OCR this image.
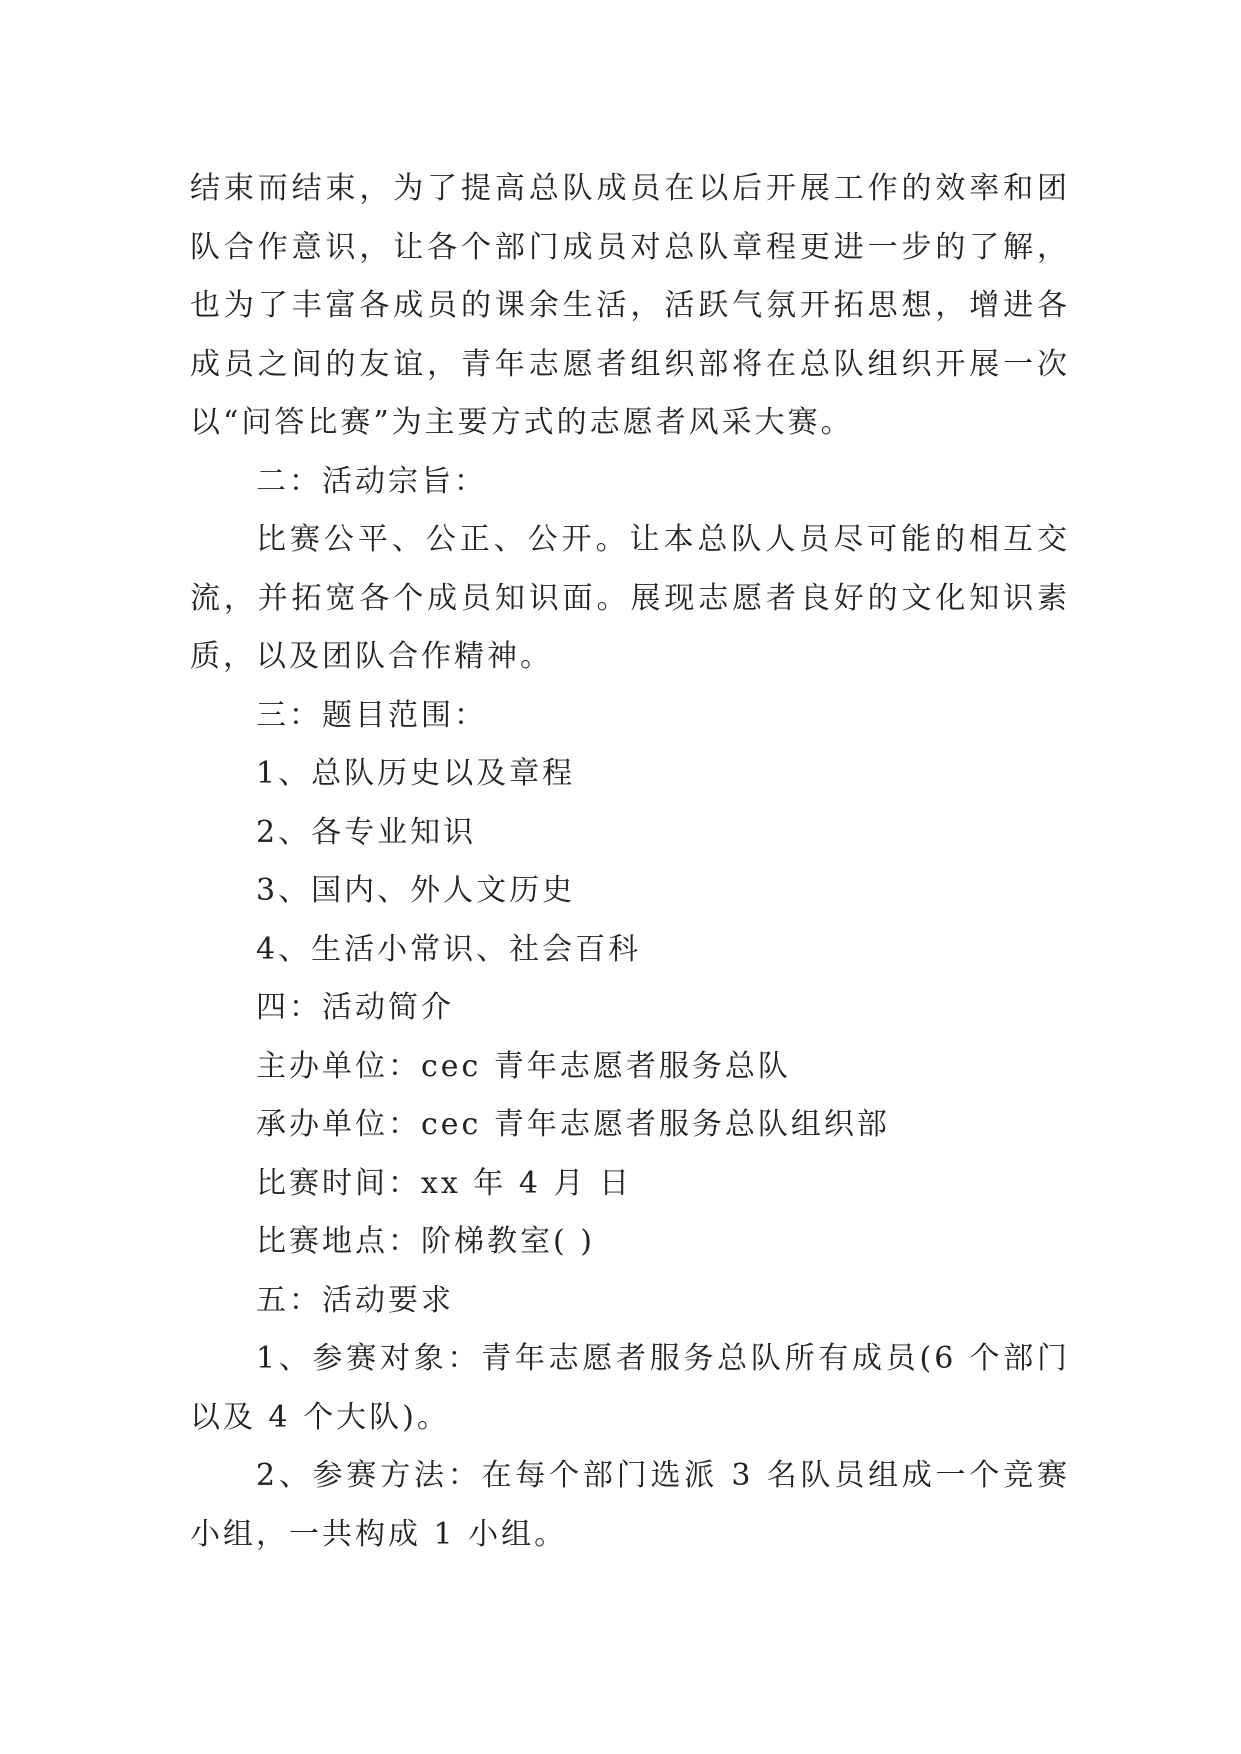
结束而结束，为了提高总队成员在以后开展工作的效率和团队合作意识，让各个部门成员对总队章程更进一步的了解，也为了丰富各成员的课余生活，活跃气氛开拓思想，增进各成员之间的友谊，青年志愿者组织部将在总队组织开展一次以“问答比赛”为主要方式的志愿者风采大赛。

二：活动宗旨：

比赛公平、公正、公开。让本总队人员尽可能的相互交流，并拓宽各个成员知识面。展现志愿者良好的文化知识素质，以及团队合作精神。

三：题目范围：

1、总队历史以及章程

2、各专业知识

3、国内、外人文历史

4、生活小常识、社会百科

四：活动简介

主办单位：cec 青年志愿者服务总队

承办单位：cec 青年志愿者服务总队组织部

比赛时间：xx 年 4 月 日

比赛地点：阶梯教室( )

五：活动要求

1、参赛对象：青年志愿者服务总队所有成员(6 个部门以及 4 个大队)。

2、参赛方法：在每个部门选派 3 名队员组成一个竞赛小组，一共构成 1 小组。
